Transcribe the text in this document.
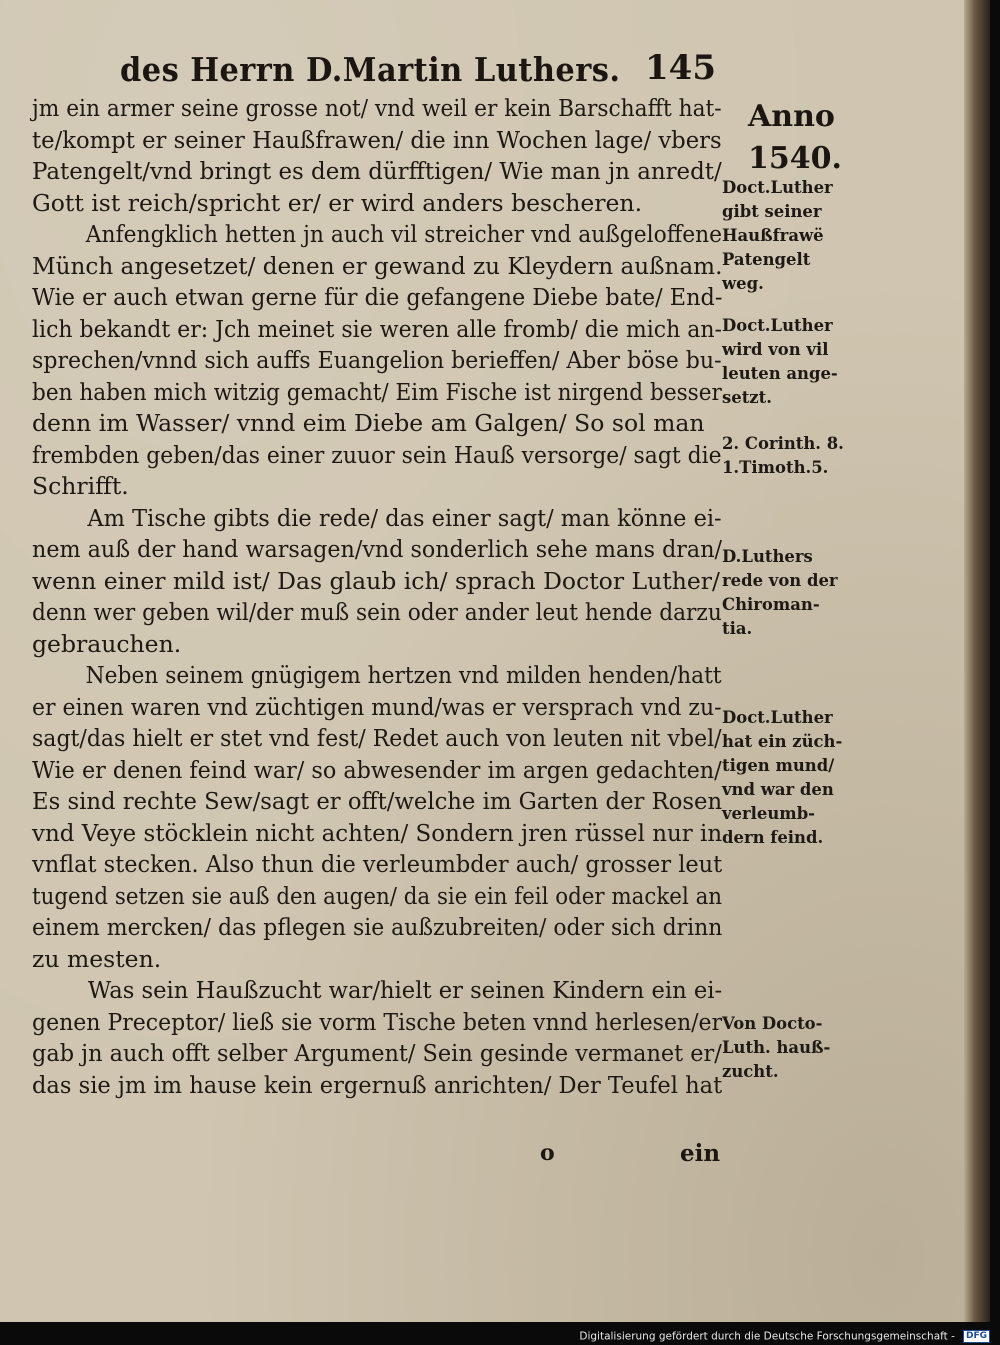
des Herrn D.Martin Luthers. 145
Anno
1540.
jm ein armer seine grosse not/ vnd weil er kein Barschafft hat-
te/kompt er seiner Haußfrawen/ die inn Wochen lage/ vbers
Patengelt/vnd bringt es dem dürfftigen/ Wie man jn anredt/
Gott ist reich/spricht er/ er wird anders bescheren.
Anfengklich hetten jn auch vil streicher vnd außgeloffene
Münch angesetzet/ denen er gewand zu Kleydern außnam.
Wie er auch etwan gerne für die gefangene Diebe bate/ End-
lich bekandt er: Jch meinet sie weren alle fromb/ die mich an-
sprechen/vnnd sich auffs Euangelion berieffen/ Aber böse bu-
ben haben mich witzig gemacht/ Eim Fische ist nirgend besser
denn im Wasser/ vnnd eim Diebe am Galgen/ So sol man
frembden geben/das einer zuuor sein Hauß versorge/ sagt die
Schrifft.
Am Tische gibts die rede/ das einer sagt/ man könne ei-
nem auß der hand warsagen/vnd sonderlich sehe mans dran/
wenn einer mild ist/ Das glaub ich/ sprach Doctor Luther/
denn wer geben wil/der muß sein oder ander leut hende darzu
gebrauchen.
Neben seinem gnügigem hertzen vnd milden henden/hatt
er einen waren vnd züchtigen mund/was er versprach vnd zu-
sagt/das hielt er stet vnd fest/ Redet auch von leuten nit vbel/
Wie er denen feind war/ so abwesender im argen gedachten/
Es sind rechte Sew/sagt er offt/welche im Garten der Rosen
vnd Veye stöcklein nicht achten/ Sondern jren rüssel nur in
vnflat stecken. Also thun die verleumbder auch/ grosser leut
tugend setzen sie auß den augen/ da sie ein feil oder mackel an
einem mercken/ das pflegen sie außzubreiten/ oder sich drinn
zu mesten.
Was sein Haußzucht war/hielt er seinen Kindern ein ei-
genen Preceptor/ ließ sie vorm Tische beten vnnd herlesen/er
gab jn auch offt selber Argument/ Sein gesinde vermanet er/
das sie jm im hause kein ergernuß anrichten/ Der Teufel hat
Doct.Luther
gibt seiner
Haußfrawë
Patengelt
weg.
Doct.Luther
wird von vil
leuten ange-
setzt.
2. Corinth. 8.
1.Timoth.5.
D.Luthers
rede von der
Chiroman-
tia.
Doct.Luther
hat ein züch-
tigen mund/
vnd war den
verleumb-
dern feind.
Von Docto-
Luth. hauß-
zucht.
o	ein
Digitalisierung gefördert durch die Deutsche Forschungsgemeinschaft - DFG
